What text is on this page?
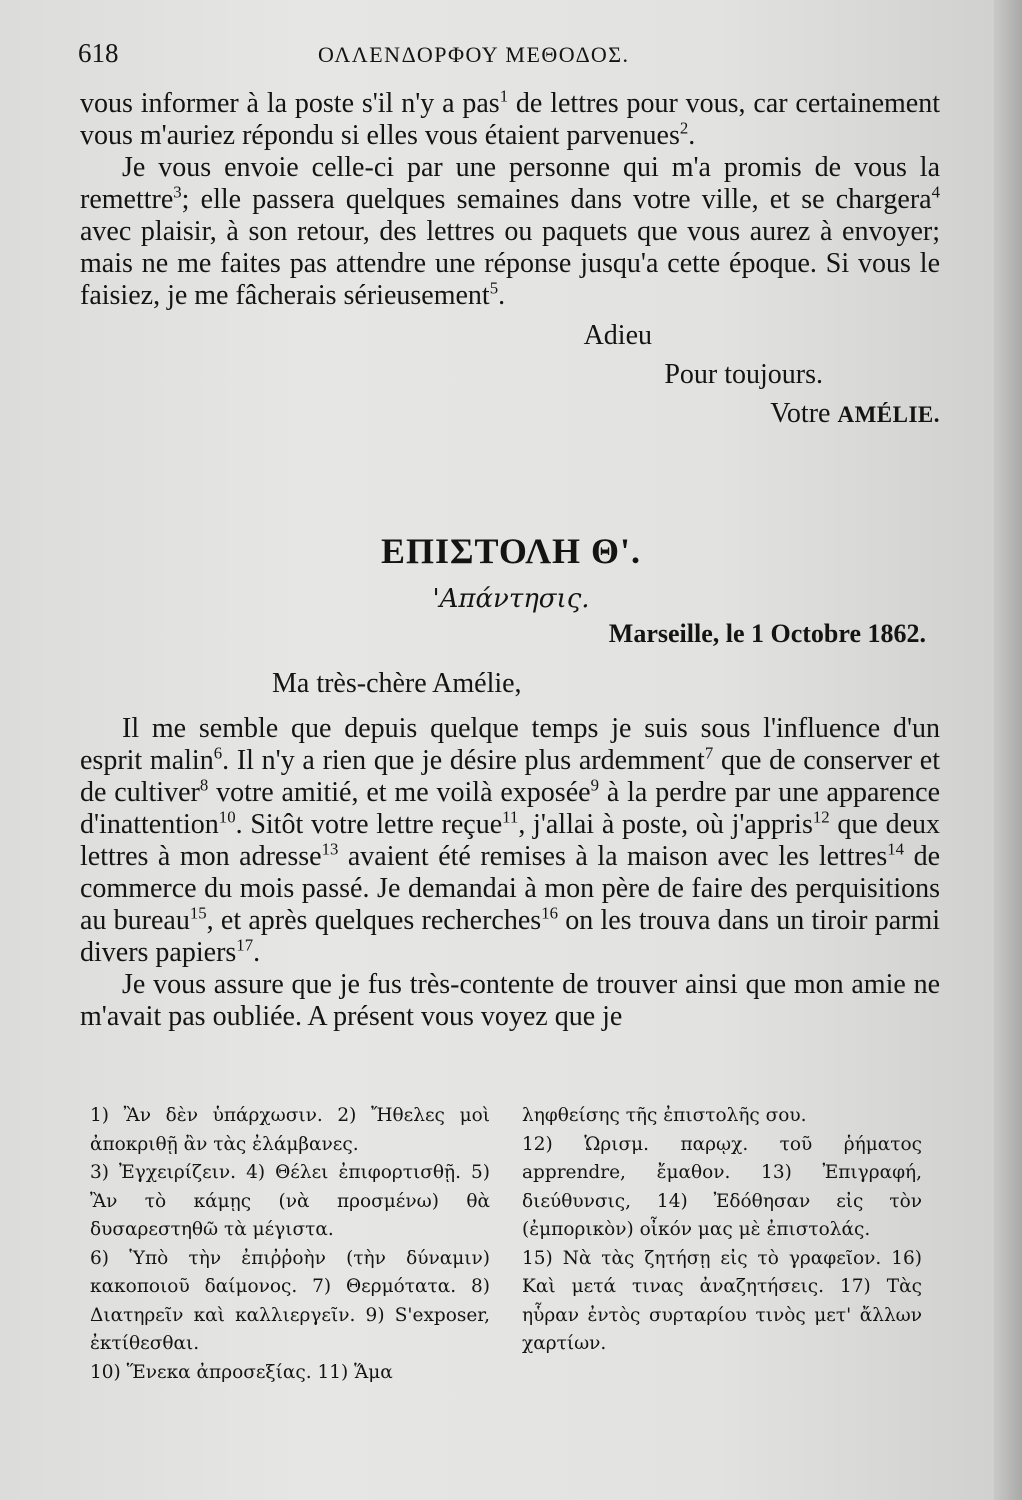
618	ΟΛΛΕΝΔΟΡΦΟΥ ΜΕΘΟΔΟΣ.

vous informer à la poste s'il n'y a pas$^1$ de lettres pour vous, car certainement vous m'auriez répondu si elles vous étaient parvenues$^2$.

Je vous envoie celle-ci par une personne qui m'a promis de vous la remettre$^3$; elle passera quelques semaines dans votre ville, et se chargera$^4$ avec plaisir, à son retour, des lettres ou paquets que vous aurez à envoyer; mais ne me faites pas attendre une réponse jusqu'a cette époque. Si vous le faisiez, je me fâcherais sérieusement$^5$.

Adieu
Pour toujours.
Votre AMÉLIE.
ΕΠΙΣΤΟΛΗ Θ'.
'Απάντησις.
Marseille, le 1 Octobre 1862.
Ma très-chère Amélie,

Il me semble que depuis quelque temps je suis sous l'influence d'un esprit malin$^6$. Il n'y a rien que je désire plus ardemment$^7$ que de conserver et de cultiver$^8$ votre amitié, et me voilà exposée$^9$ à la perdre par une apparence d'inattention$^{10}$. Sitôt votre lettre reçue$^{11}$, j'allai à poste, où j'appris$^{12}$ que deux lettres à mon adresse$^{13}$ avaient été remises à la maison avec les lettres$^{14}$ de commerce du mois passé. Je demandai à mon père de faire des perquisitions au bureau$^{15}$, et après quelques recherches$^{16}$ on les trouva dans un tiroir parmi divers papiers$^{17}$.

Je vous assure que je fus très-contente de trouver ainsi que mon amie ne m'avait pas oubliée. A présent vous voyez que je

1) Ἂν δὲν ὑπάρχωσιν. 2) Ἤθελες μοὶ ἀποκριθῇ ἂν τὰς ἐλάμβανες.
3) Ἐγχειρίζειν. 4) Θέλει ἐπιφορτισθῇ. 5) Ἂν τὸ κάμῃς (νὰ προσμένω) θὰ δυσαρεστηθῶ τὰ μέγιστα.
6) Ὑπὸ τὴν ἐπιῤῥοὴν (τὴν δύναμιν) κακοποιοῦ δαίμονος. 7) Θερμότατα. 8) Διατηρεῖν καὶ καλλιεργεῖν. 9) S'exposer, ἐκτίθεσθαι.
10) Ἕνεκα ἀπροσεξίας. 11) Ἅμα
ληφθείσης τῆς ἐπιστολῆς σου.
12) Ὡρισμ. παρῳχ. τοῦ ῥήματος apprendre, ἔμαθον. 13) Ἐπιγραφή, διεύθυνσις, 14) Ἐδόθησαν εἰς τὸν (ἐμπορικὸν) οἶκόν μας μὲ ἐπιστολάς.
15) Νὰ τὰς ζητήσῃ εἰς τὸ γραφεῖον. 16) Καὶ μετά τινας ἀναζητήσεις. 17) Τὰς ηὗραν ἐντὸς συρταρίου τινὸς μετ' ἄλλων χαρτίων.
